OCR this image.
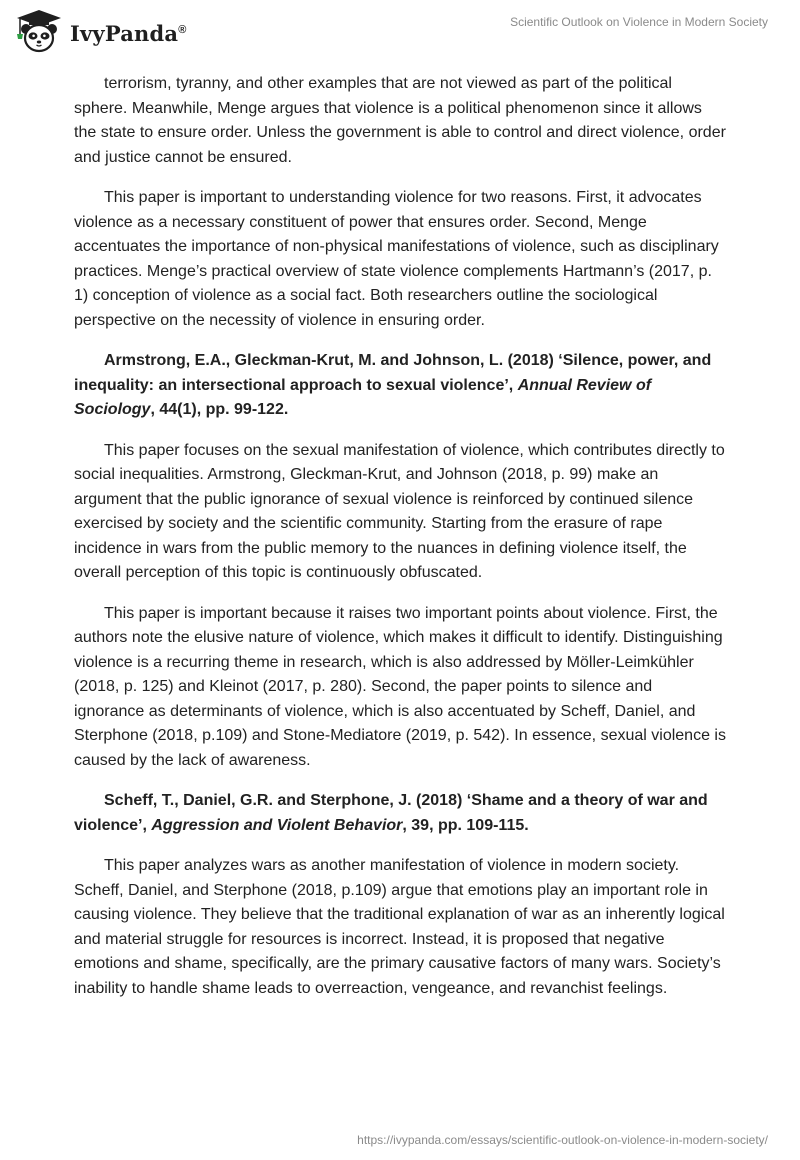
IvyPanda®
Scientific Outlook on Violence in Modern Society

terrorism, tyranny, and other examples that are not viewed as part of the political sphere. Meanwhile, Menge argues that violence is a political phenomenon since it allows the state to ensure order. Unless the government is able to control and direct violence, order and justice cannot be ensured.

This paper is important to understanding violence for two reasons. First, it advocates violence as a necessary constituent of power that ensures order. Second, Menge accentuates the importance of non-physical manifestations of violence, such as disciplinary practices. Menge’s practical overview of state violence complements Hartmann’s (2017, p. 1) conception of violence as a social fact. Both researchers outline the sociological perspective on the necessity of violence in ensuring order.

Armstrong, E.A., Gleckman-Krut, M. and Johnson, L. (2018) ‘Silence, power, and inequality: an intersectional approach to sexual violence’, Annual Review of Sociology, 44(1), pp. 99-122.

This paper focuses on the sexual manifestation of violence, which contributes directly to social inequalities. Armstrong, Gleckman-Krut, and Johnson (2018, p. 99) make an argument that the public ignorance of sexual violence is reinforced by continued silence exercised by society and the scientific community. Starting from the erasure of rape incidence in wars from the public memory to the nuances in defining violence itself, the overall perception of this topic is continuously obfuscated.

This paper is important because it raises two important points about violence. First, the authors note the elusive nature of violence, which makes it difficult to identify. Distinguishing violence is a recurring theme in research, which is also addressed by Möller-Leimkühler (2018, p. 125) and Kleinot (2017, p. 280). Second, the paper points to silence and ignorance as determinants of violence, which is also accentuated by Scheff, Daniel, and Sterphone (2018, p.109) and Stone-Mediatore (2019, p. 542). In essence, sexual violence is caused by the lack of awareness.

Scheff, T., Daniel, G.R. and Sterphone, J. (2018) ‘Shame and a theory of war and violence’, Aggression and Violent Behavior, 39, pp. 109-115.

This paper analyzes wars as another manifestation of violence in modern society. Scheff, Daniel, and Sterphone (2018, p.109) argue that emotions play an important role in causing violence. They believe that the traditional explanation of war as an inherently logical and material struggle for resources is incorrect. Instead, it is proposed that negative emotions and shame, specifically, are the primary causative factors of many wars. Society’s inability to handle shame leads to overreaction, vengeance, and revanchist feelings.

https://ivypanda.com/essays/scientific-outlook-on-violence-in-modern-society/
